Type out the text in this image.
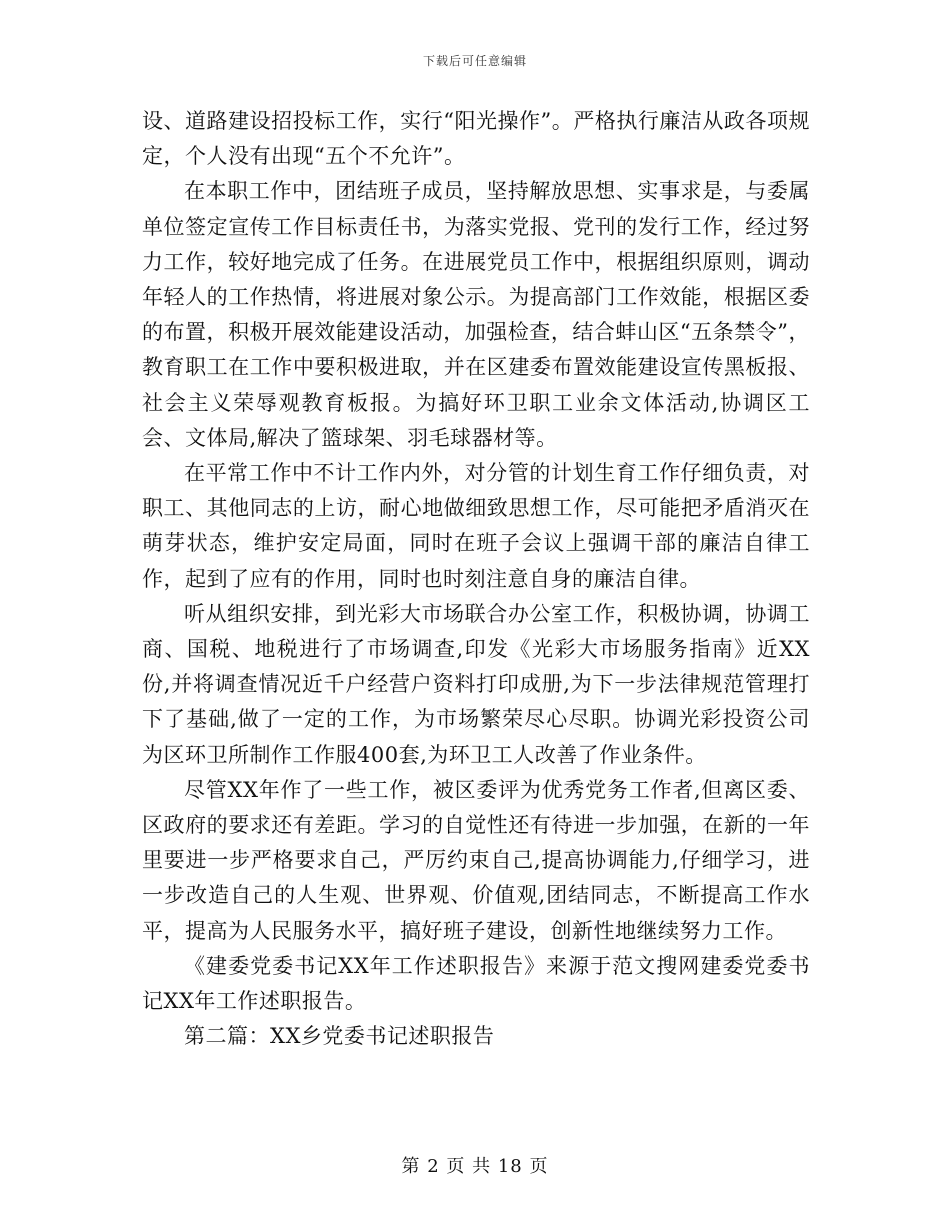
下载后可任意编辑

设、道路建设招投标工作，实行“阳光操作”。严格执行廉洁从政各项规定，个人没有出现“五个不允许”。

在本职工作中，团结班子成员，坚持解放思想、实事求是，与委属单位签定宣传工作目标责任书，为落实党报、党刊的发行工作，经过努力工作，较好地完成了任务。在进展党员工作中，根据组织原则，调动年轻人的工作热情，将进展对象公示。为提高部门工作效能，根据区委的布置，积极开展效能建设活动，加强检查，结合蚌山区“五条禁令”，教育职工在工作中要积极进取，并在区建委布置效能建设宣传黑板报、社会主义荣辱观教育板报。为搞好环卫职工业余文体活动,协调区工会、文体局,解决了篮球架、羽毛球器材等。

在平常工作中不计工作内外，对分管的计划生育工作仔细负责，对职工、其他同志的上访，耐心地做细致思想工作，尽可能把矛盾消灭在萌芽状态，维护安定局面，同时在班子会议上强调干部的廉洁自律工作，起到了应有的作用，同时也时刻注意自身的廉洁自律。

听从组织安排，到光彩大市场联合办公室工作，积极协调，协调工商、国税、地税进行了市场调查,印发《光彩大市场服务指南》近XX份,并将调查情况近千户经营户资料打印成册,为下一步法律规范管理打下了基础,做了一定的工作，为市场繁荣尽心尽职。协调光彩投资公司为区环卫所制作工作服400套,为环卫工人改善了作业条件。

尽管XX年作了一些工作，被区委评为优秀党务工作者,但离区委、区政府的要求还有差距。学习的自觉性还有待进一步加强，在新的一年里要进一步严格要求自己，严厉约束自己,提高协调能力,仔细学习，进一步改造自己的人生观、世界观、价值观,团结同志，不断提高工作水平，提高为人民服务水平，搞好班子建设，创新性地继续努力工作。

《建委党委书记XX年工作述职报告》来源于范文搜网建委党委书记XX年工作述职报告。

第二篇：XX乡党委书记述职报告

第 2 页 共 18 页
